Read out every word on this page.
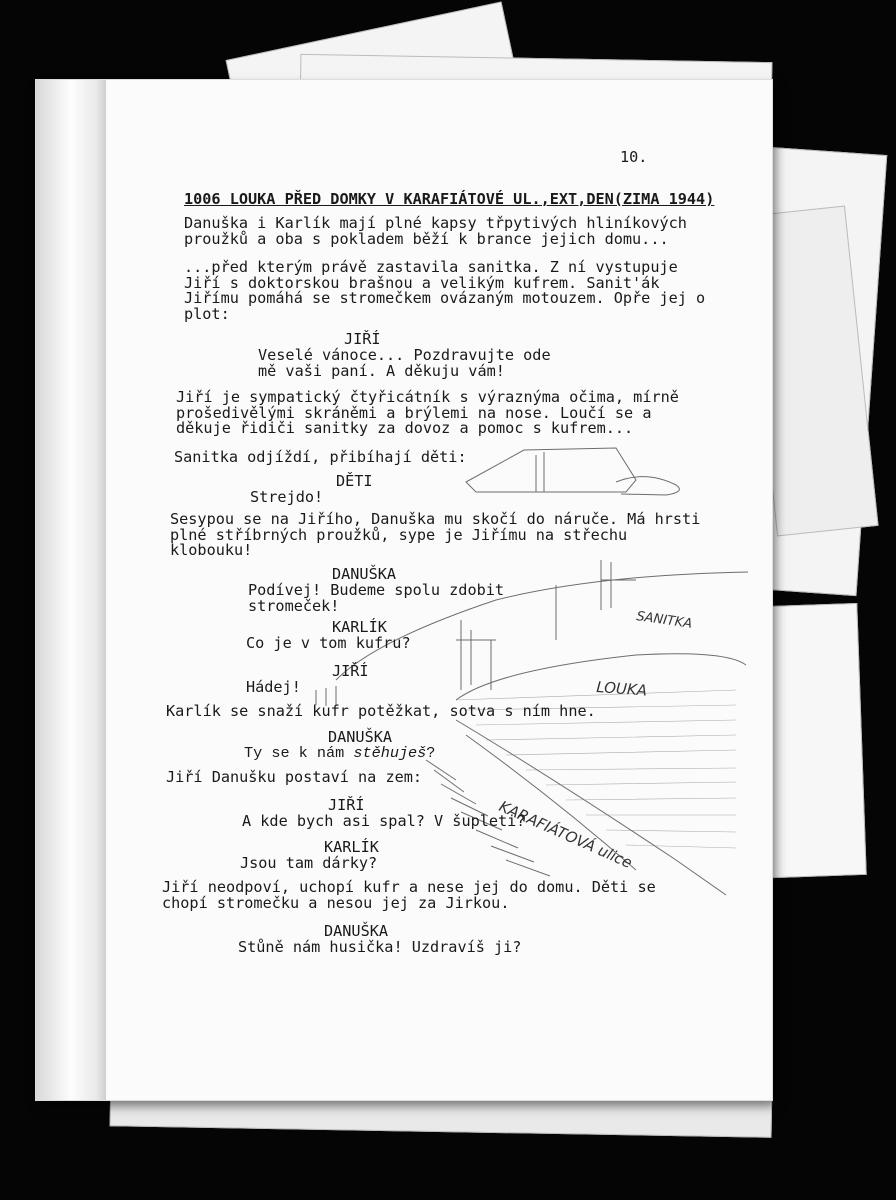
SANITKA
LOUKA
KARAFIÁTOVÁ ulice
10.
1006 LOUKA PŘED DOMKY V KARAFIÁTOVÉ UL.,EXT,DEN(ZIMA 1944)
Danuška i Karlík mají plné kapsy třpytivých hliníkových
proužků a oba s pokladem běží k brance jejich domu...
...před kterým právě zastavila sanitka. Z ní vystupuje
Jiří s doktorskou brašnou a velikým kufrem. Sanit'ák
Jiřímu pomáhá se stromečkem ovázaným motouzem. Opře jej o
plot:
JIŘÍ
Veselé vánoce... Pozdravujte ode
mě vaši paní. A děkuju vám!
Jiří je sympatický čtyřicátník s výraznýma očima, mírně
prošedivělými skráněmi a brýlemi na nose. Loučí se a
děkuje řidiči sanitky za dovoz a pomoc s kufrem...
Sanitka odjíždí, přibíhají děti:
DĚTI
Strejdo!
Sesypou se na Jiřího, Danuška mu skočí do náruče. Má hrsti
plné stříbrných proužků, sype je Jiřímu na střechu
klobouku!
DANUŠKA
Podívej! Budeme spolu zdobit
stromeček!
KARLÍK
Co je v tom kufru?
JIŘÍ
Hádej!
Karlík se snaží kufr potěžkat, sotva s ním hne.
DANUŠKA
Ty se k nám stěhuješ?
Jiří Danušku postaví na zem:
JIŘÍ
A kde bych asi spal? V šupleti?
KARLÍK
Jsou tam dárky?
Jiří neodpoví, uchopí kufr a nese jej do domu. Děti se
chopí stromečku a nesou jej za Jirkou.
DANUŠKA
Stůně nám husička! Uzdravíš ji?
